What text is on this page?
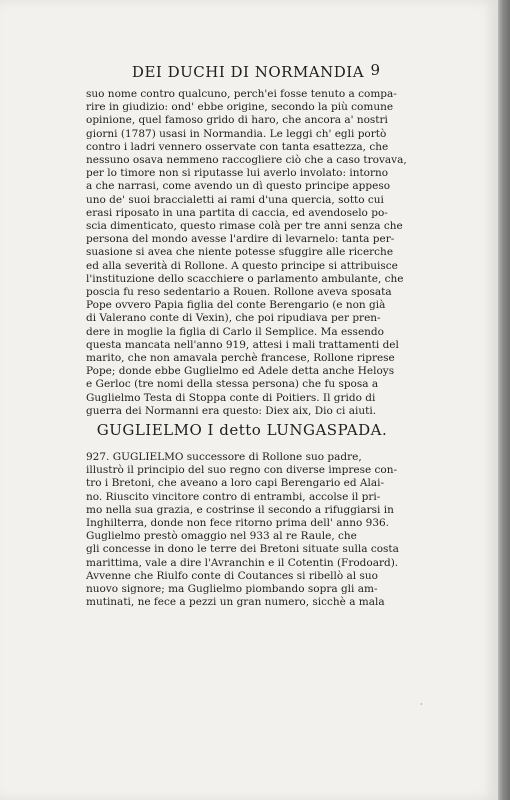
DEI DUCHI DI NORMANDIA 9
suo nome contro qualcuno, perch'ei fosse tenuto a compa-
rire in giudizio: ond' ebbe origine, secondo la più comune
opinione, quel famoso grido di haro, che ancora a' nostri
giorni (1787) usasi in Normandia. Le leggi ch' egli portò
contro i ladri vennero osservate con tanta esattezza, che
nessuno osava nemmeno raccogliere ciò che a caso trovava,
per lo timore non si riputasse lui averlo involato: intorno
a che narrasi, come avendo un dì questo principe appeso
uno de' suoi braccialetti ai rami d'una quercia, sotto cui
erasi riposato in una partita di caccia, ed avendoselo po-
scia dimenticato, questo rimase colà per tre anni senza che
persona del mondo avesse l'ardire di levarnelo: tanta per-
suasione si avea che niente potesse sfuggire alle ricerche
ed alla severità di Rollone. A questo principe si attribuisce
l'instituzione dello scacchiere o parlamento ambulante, che
poscia fu reso sedentario a Rouen. Rollone aveva sposata
Pope ovvero Papia figlia del conte Berengario (e non già
di Valerano conte di Vexin), che poi ripudiava per pren-
dere in moglie la figlia di Carlo il Semplice. Ma essendo
questa mancata nell'anno 919, attesi i mali trattamenti del
marito, che non amavala perchè francese, Rollone riprese
Pope; donde ebbe Guglielmo ed Adele detta anche Heloys
e Gerloc (tre nomi della stessa persona) che fu sposa a
Guglielmo Testa di Stoppa conte di Poitiers. Il grido di
guerra dei Normanni era questo: Diex aix, Dio ci aiuti.
GUGLIELMO I detto LUNGASPADA.
927. GUGLIELMO successore di Rollone suo padre,
illustrò il principio del suo regno con diverse imprese con-
tro i Bretoni, che aveano a loro capi Berengario ed Alai-
no. Riuscito vincitore contro di entrambi, accolse il pri-
mo nella sua grazia, e costrinse il secondo a rifuggiarsi in
Inghilterra, donde non fece ritorno prima dell' anno 936.
Guglielmo prestò omaggio nel 933 al re Raule, che
gli concesse in dono le terre dei Bretoni situate sulla costa
marittima, vale a dire l'Avranchin e il Cotentin (Frodoard).
Avvenne che Riulfo conte di Coutances si ribellò al suo
nuovo signore; ma Guglielmo piombando sopra gli am-
mutinati, ne fece a pezzi un gran numero, sicchè a mala
·
